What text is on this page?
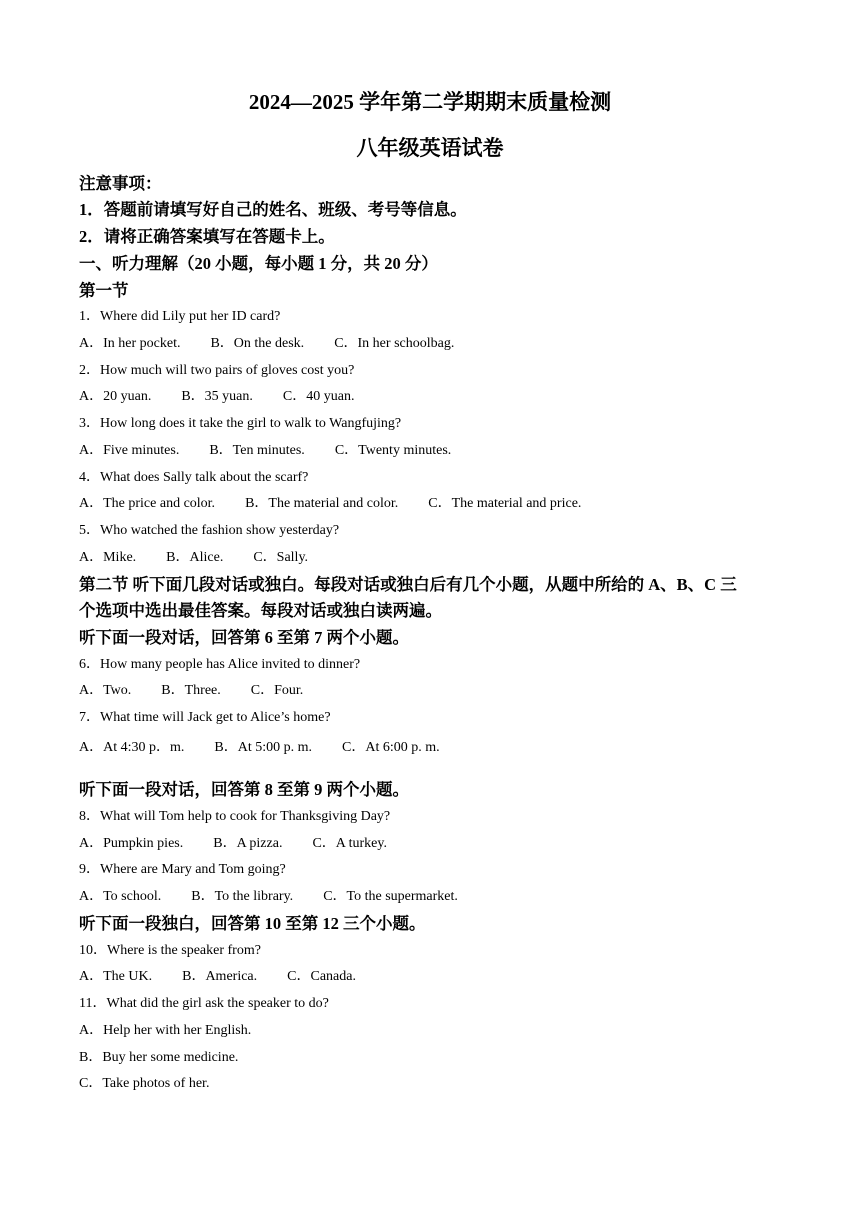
2024—2025 学年第二学期期末质量检测
八年级英语试卷
注意事项：
1．答题前请填写好自己的姓名、班级、考号等信息。
2．请将正确答案填写在答题卡上。
一、听力理解（20 小题，每小题 1 分，共 20 分）
第一节
1．Where did Lily put her ID card?
A．In her pocket. B．On the desk. C．In her schoolbag.
2．How much will two pairs of gloves cost you?
A．20 yuan. B．35 yuan. C．40 yuan.
3．How long does it take the girl to walk to Wangfujing?
A．Five minutes. B．Ten minutes. C．Twenty minutes.
4．What does Sally talk about the scarf?
A．The price and color. B．The material and color. C．The material and price.
5．Who watched the fashion show yesterday?
A．Mike. B．Alice. C．Sally.
第二节 听下面几段对话或独白。每段对话或独白后有几个小题，从题中所给的 A、B、C 三
个选项中选出最佳答案。每段对话或独白读两遍。
听下面一段对话，回答第 6 至第 7 两个小题。
6．How many people has Alice invited to dinner?
A．Two. B．Three. C．Four.
7．What time will Jack get to Alice’s home?
A．At 4:30 p．m. B．At 5:00 p. m. C．At 6:00 p. m.
听下面一段对话，回答第 8 至第 9 两个小题。
8．What will Tom help to cook for Thanksgiving Day?
A．Pumpkin pies. B．A pizza. C．A turkey.
9．Where are Mary and Tom going?
A．To school. B．To the library. C．To the supermarket.
听下面一段独白，回答第 10 至第 12 三个小题。
10．Where is the speaker from?
A．The UK. B．America. C．Canada.
11．What did the girl ask the speaker to do?
A．Help her with her English.
B．Buy her some medicine.
C．Take photos of her.
